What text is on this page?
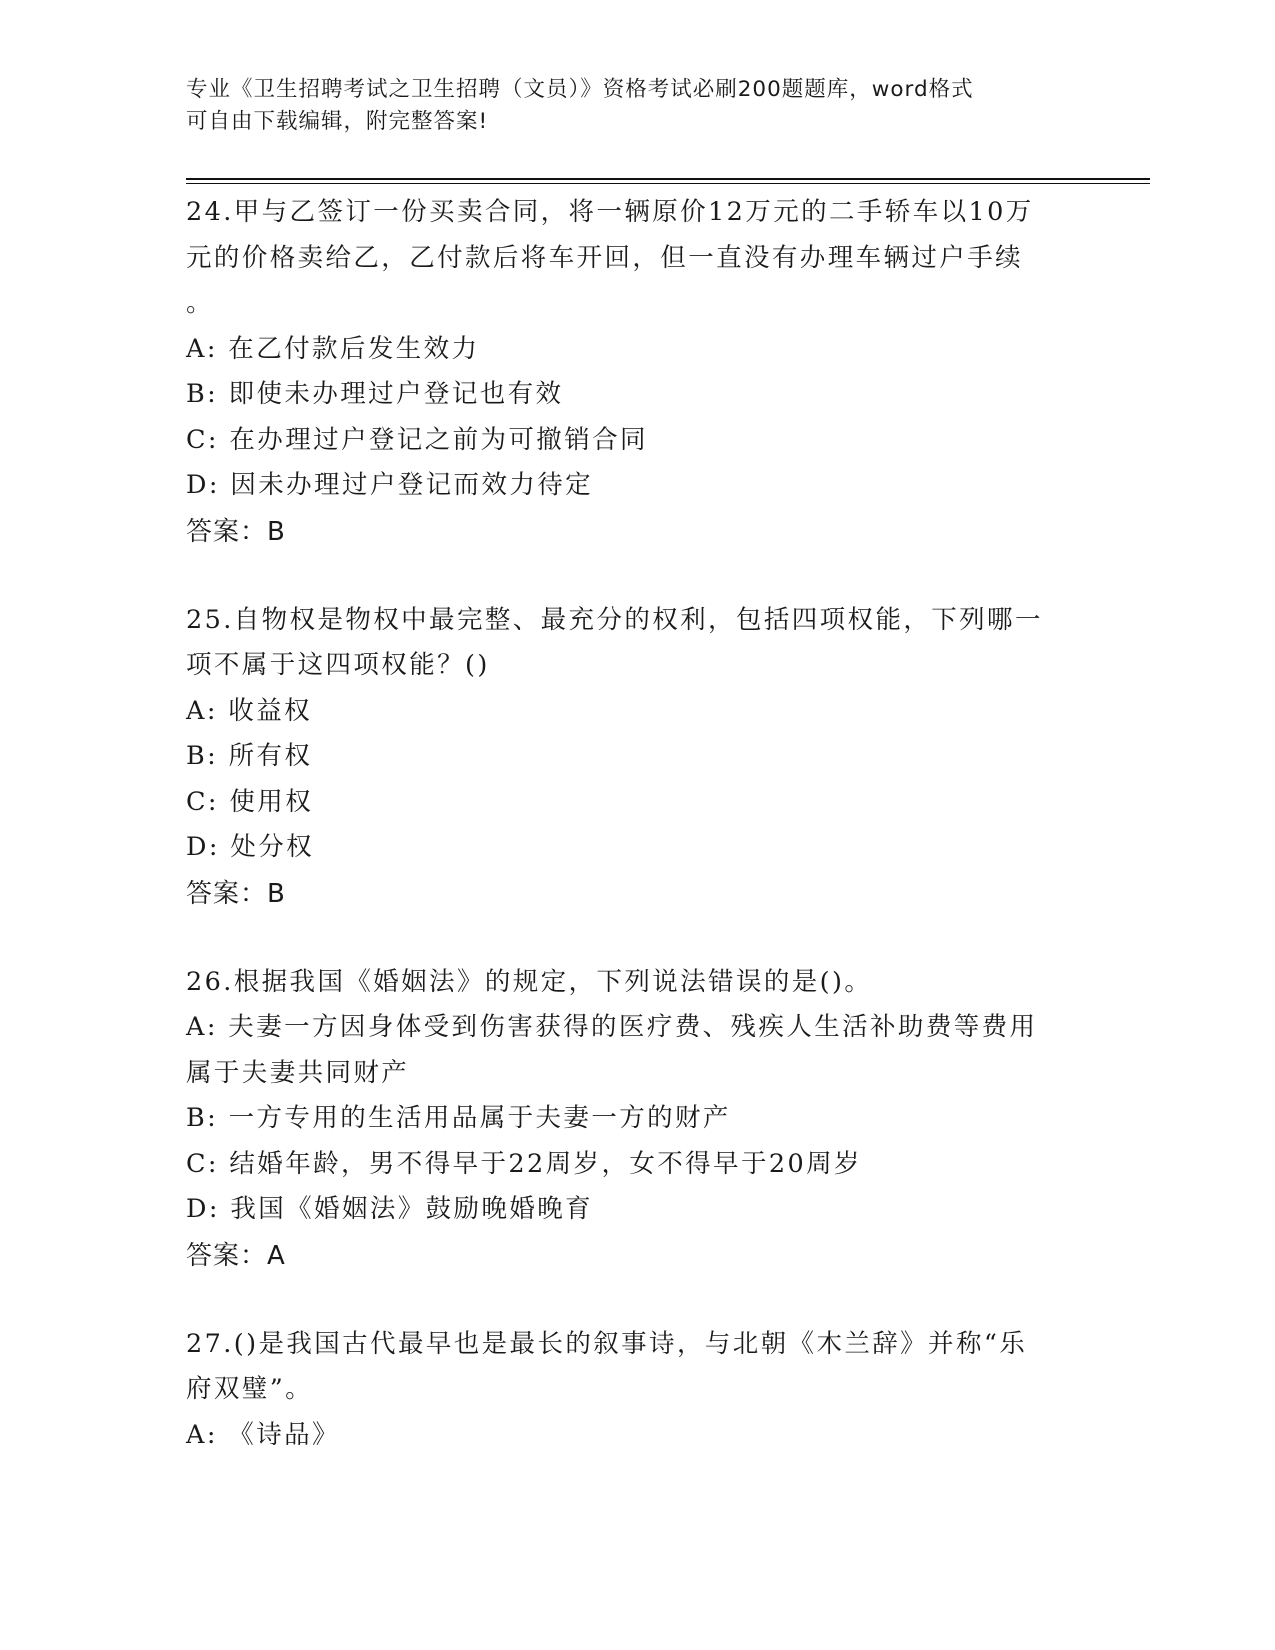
专业《卫生招聘考试之卫生招聘（文员）》资格考试必刷200题题库，word格式
可自由下载编辑，附完整答案!
24.甲与乙签订一份买卖合同，将一辆原价12万元的二手轿车以10万
元的价格卖给乙，乙付款后将车开回，但一直没有办理车辆过户手续
。
A: 在乙付款后发生效力
B: 即使未办理过户登记也有效
C: 在办理过户登记之前为可撤销合同
D: 因未办理过户登记而效力待定
答案：B
25.自物权是物权中最完整、最充分的权利，包括四项权能，下列哪一
项不属于这四项权能？()
A: 收益权
B: 所有权
C: 使用权
D: 处分权
答案：B
26.根据我国《婚姻法》的规定，下列说法错误的是()。
A: 夫妻一方因身体受到伤害获得的医疗费、残疾人生活补助费等费用
属于夫妻共同财产
B: 一方专用的生活用品属于夫妻一方的财产
C: 结婚年龄，男不得早于22周岁，女不得早于20周岁
D: 我国《婚姻法》鼓励晚婚晚育
答案：A
27.()是我国古代最早也是最长的叙事诗，与北朝《木兰辞》并称“乐
府双璧”。
A: 《诗品》
